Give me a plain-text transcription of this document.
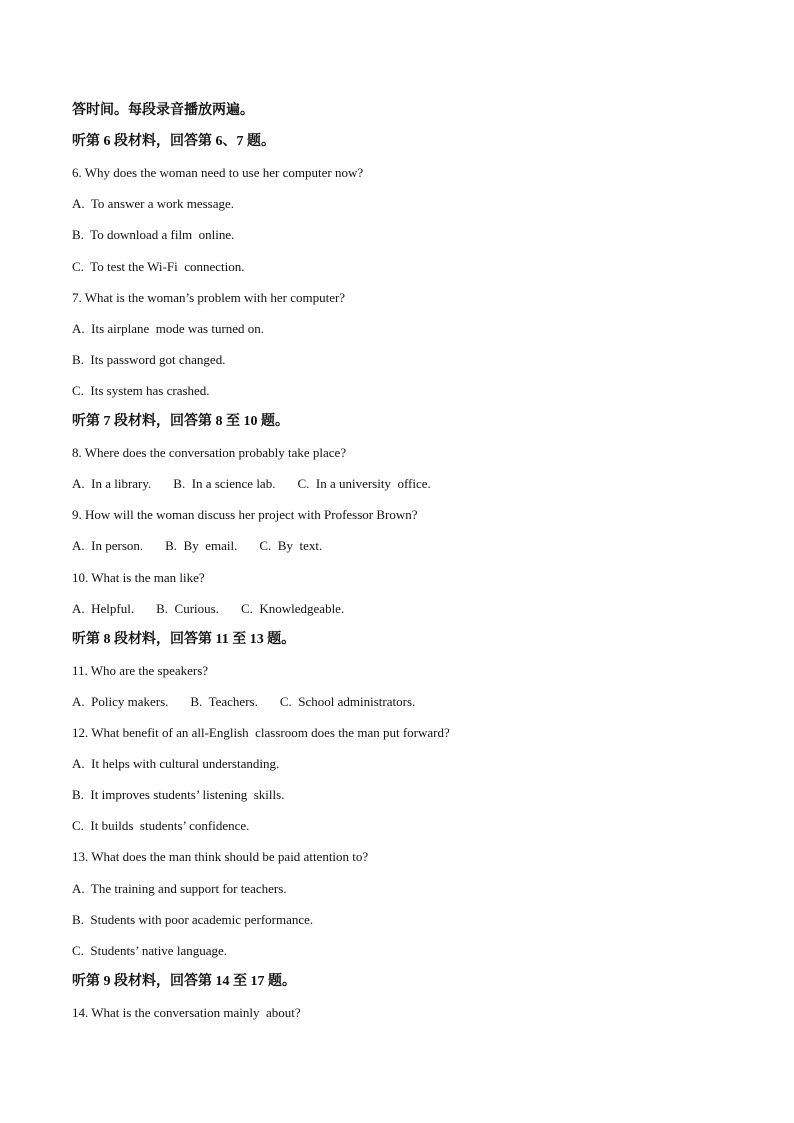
答时间。每段录音播放两遍。
听第 6 段材料，回答第 6、7 题。
6. Why does the woman need to use her computer now?
A.  To answer a work message.
B.  To download a film  online.
C.  To test the Wi-Fi  connection.
7. What is the woman’s problem with her computer?
A.  Its airplane  mode was turned on.
B.  Its password got changed.
C.  Its system has crashed.
听第 7 段材料，回答第 8 至 10 题。
8. Where does the conversation probably take place?
A.  In a library. B.  In a science lab. C.  In a university  office.
9. How will the woman discuss her project with Professor Brown?
A.  In person. B.  By  email. C.  By  text.
10. What is the man like?
A.  Helpful. B.  Curious. C.  Knowledgeable.
听第 8 段材料，回答第 11 至 13 题。
11. Who are the speakers?
A.  Policy makers. B.  Teachers. C.  School administrators.
12. What benefit of an all-English  classroom does the man put forward?
A.  It helps with cultural understanding.
B.  It improves students’ listening  skills.
C.  It builds  students’ confidence.
13. What does the man think should be paid attention to?
A.  The training and support for teachers.
B.  Students with poor academic performance.
C.  Students’ native language.
听第 9 段材料，回答第 14 至 17 题。
14. What is the conversation mainly  about?
